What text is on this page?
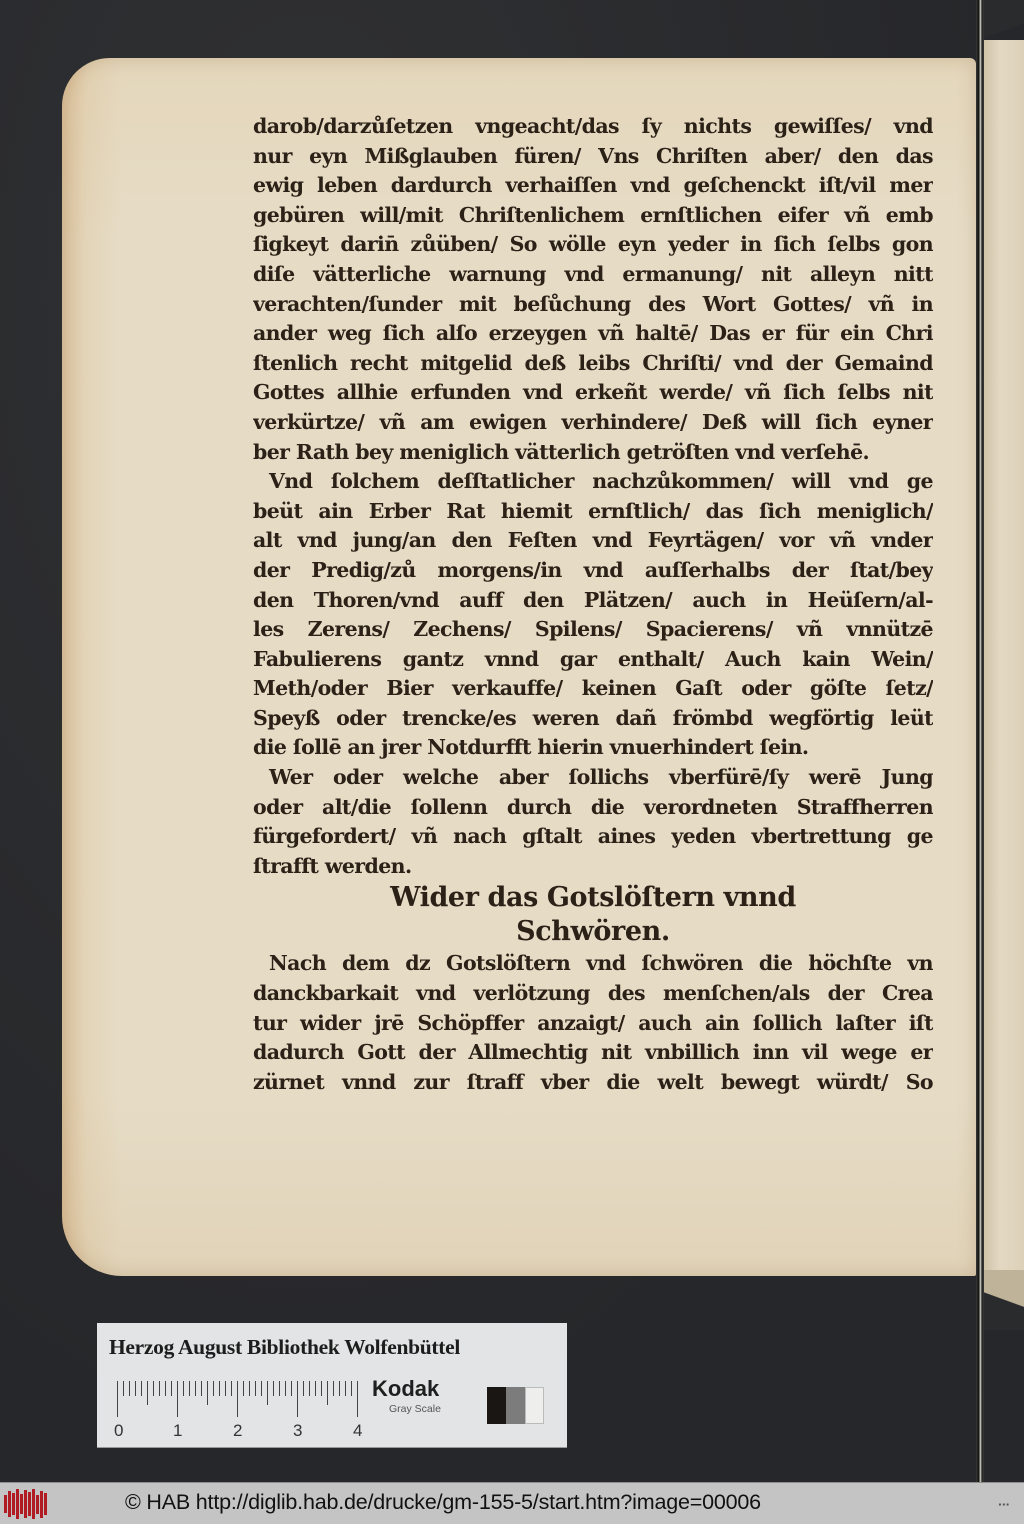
darob/darzůſetzen vngeacht/das ſy nichts gewiſſes/ vnd
nur eyn Mißglauben füren/ Vns Chriſten aber/ den das
ewig leben dardurch verhaiſſen vnd geſchenckt iſt/vil mer
gebüren will/mit Chriſtenlichem ernſtlichen eifer vñ emb
ſigkeyt darin̄ zůüben/ So wölle eyn yeder in ſich ſelbs gon
diſe vätterliche warnung vnd ermanung/ nit alleyn nitt
verachten/ſunder mit beſůchung des Wort Gottes/ vñ in
ander weg ſich alſo erzeygen vñ haltē/ Das er für ein Chri
ſtenlich recht mitgelid deß leibs Chriſti/ vnd der Gemaind
Gottes allhie erfunden vnd erkeñt werde/ vñ ſich ſelbs nit
verkürtze/ vñ am ewigen verhindere/ Deß will ſich eyner
ber Rath bey meniglich vätterlich getröſten vnd verſehē.
Vnd ſolchem deſſtatlicher nachzůkommen/ will vnd ge
beüt ain Erber Rat hiemit ernſtlich/ das ſich meniglich/
alt vnd jung/an den Feſten vnd Feyrtägen/ vor vñ vnder
der Predig/zů morgens/in vnd auſſerhalbs der ſtat/bey
den Thoren/vnd auff den Plätzen/ auch in Heüſern/al-
les Zerens/ Zechens/ Spilens/ Spacierens/ vñ vnnützē
Fabulierens gantz vnnd gar enthalt/ Auch kain Wein/
Meth/oder Bier verkauffe/ keinen Gaſt oder göſte ſetz/
Speyß oder trencke/es weren dañ frömbd wegförtig leüt
die ſollē an jrer Notdurfft hierin vnuerhindert ſein.
Wer oder welche aber ſollichs vberfürē/ſy werē Jung
oder alt/die ſollenn durch die verordneten Straffherren
fürgefordert/ vñ nach gſtalt aines yeden vbertrettung ge
ſtrafft werden.
Wider das Gotslöſtern vnnd
Schwören.
Nach dem dz Gotslöſtern vnd ſchwören die höchſte vn
danckbarkait vnd verlötzung des menſchen/als der Crea
tur wider jrē Schöpffer anzaigt/ auch ain ſollich laſter iſt
dadurch Gott der Allmechtig nit vnbillich inn vil wege er
zürnet vnnd zur ſtraff vber die welt bewegt würdt/ So
Herzog August Bibliothek Wolfenbüttel
0	1	2	3	4
Kodak
Gray Scale
© HAB http://diglib.hab.de/drucke/gm-155-5/start.htm?image=00006	▪▪▪
